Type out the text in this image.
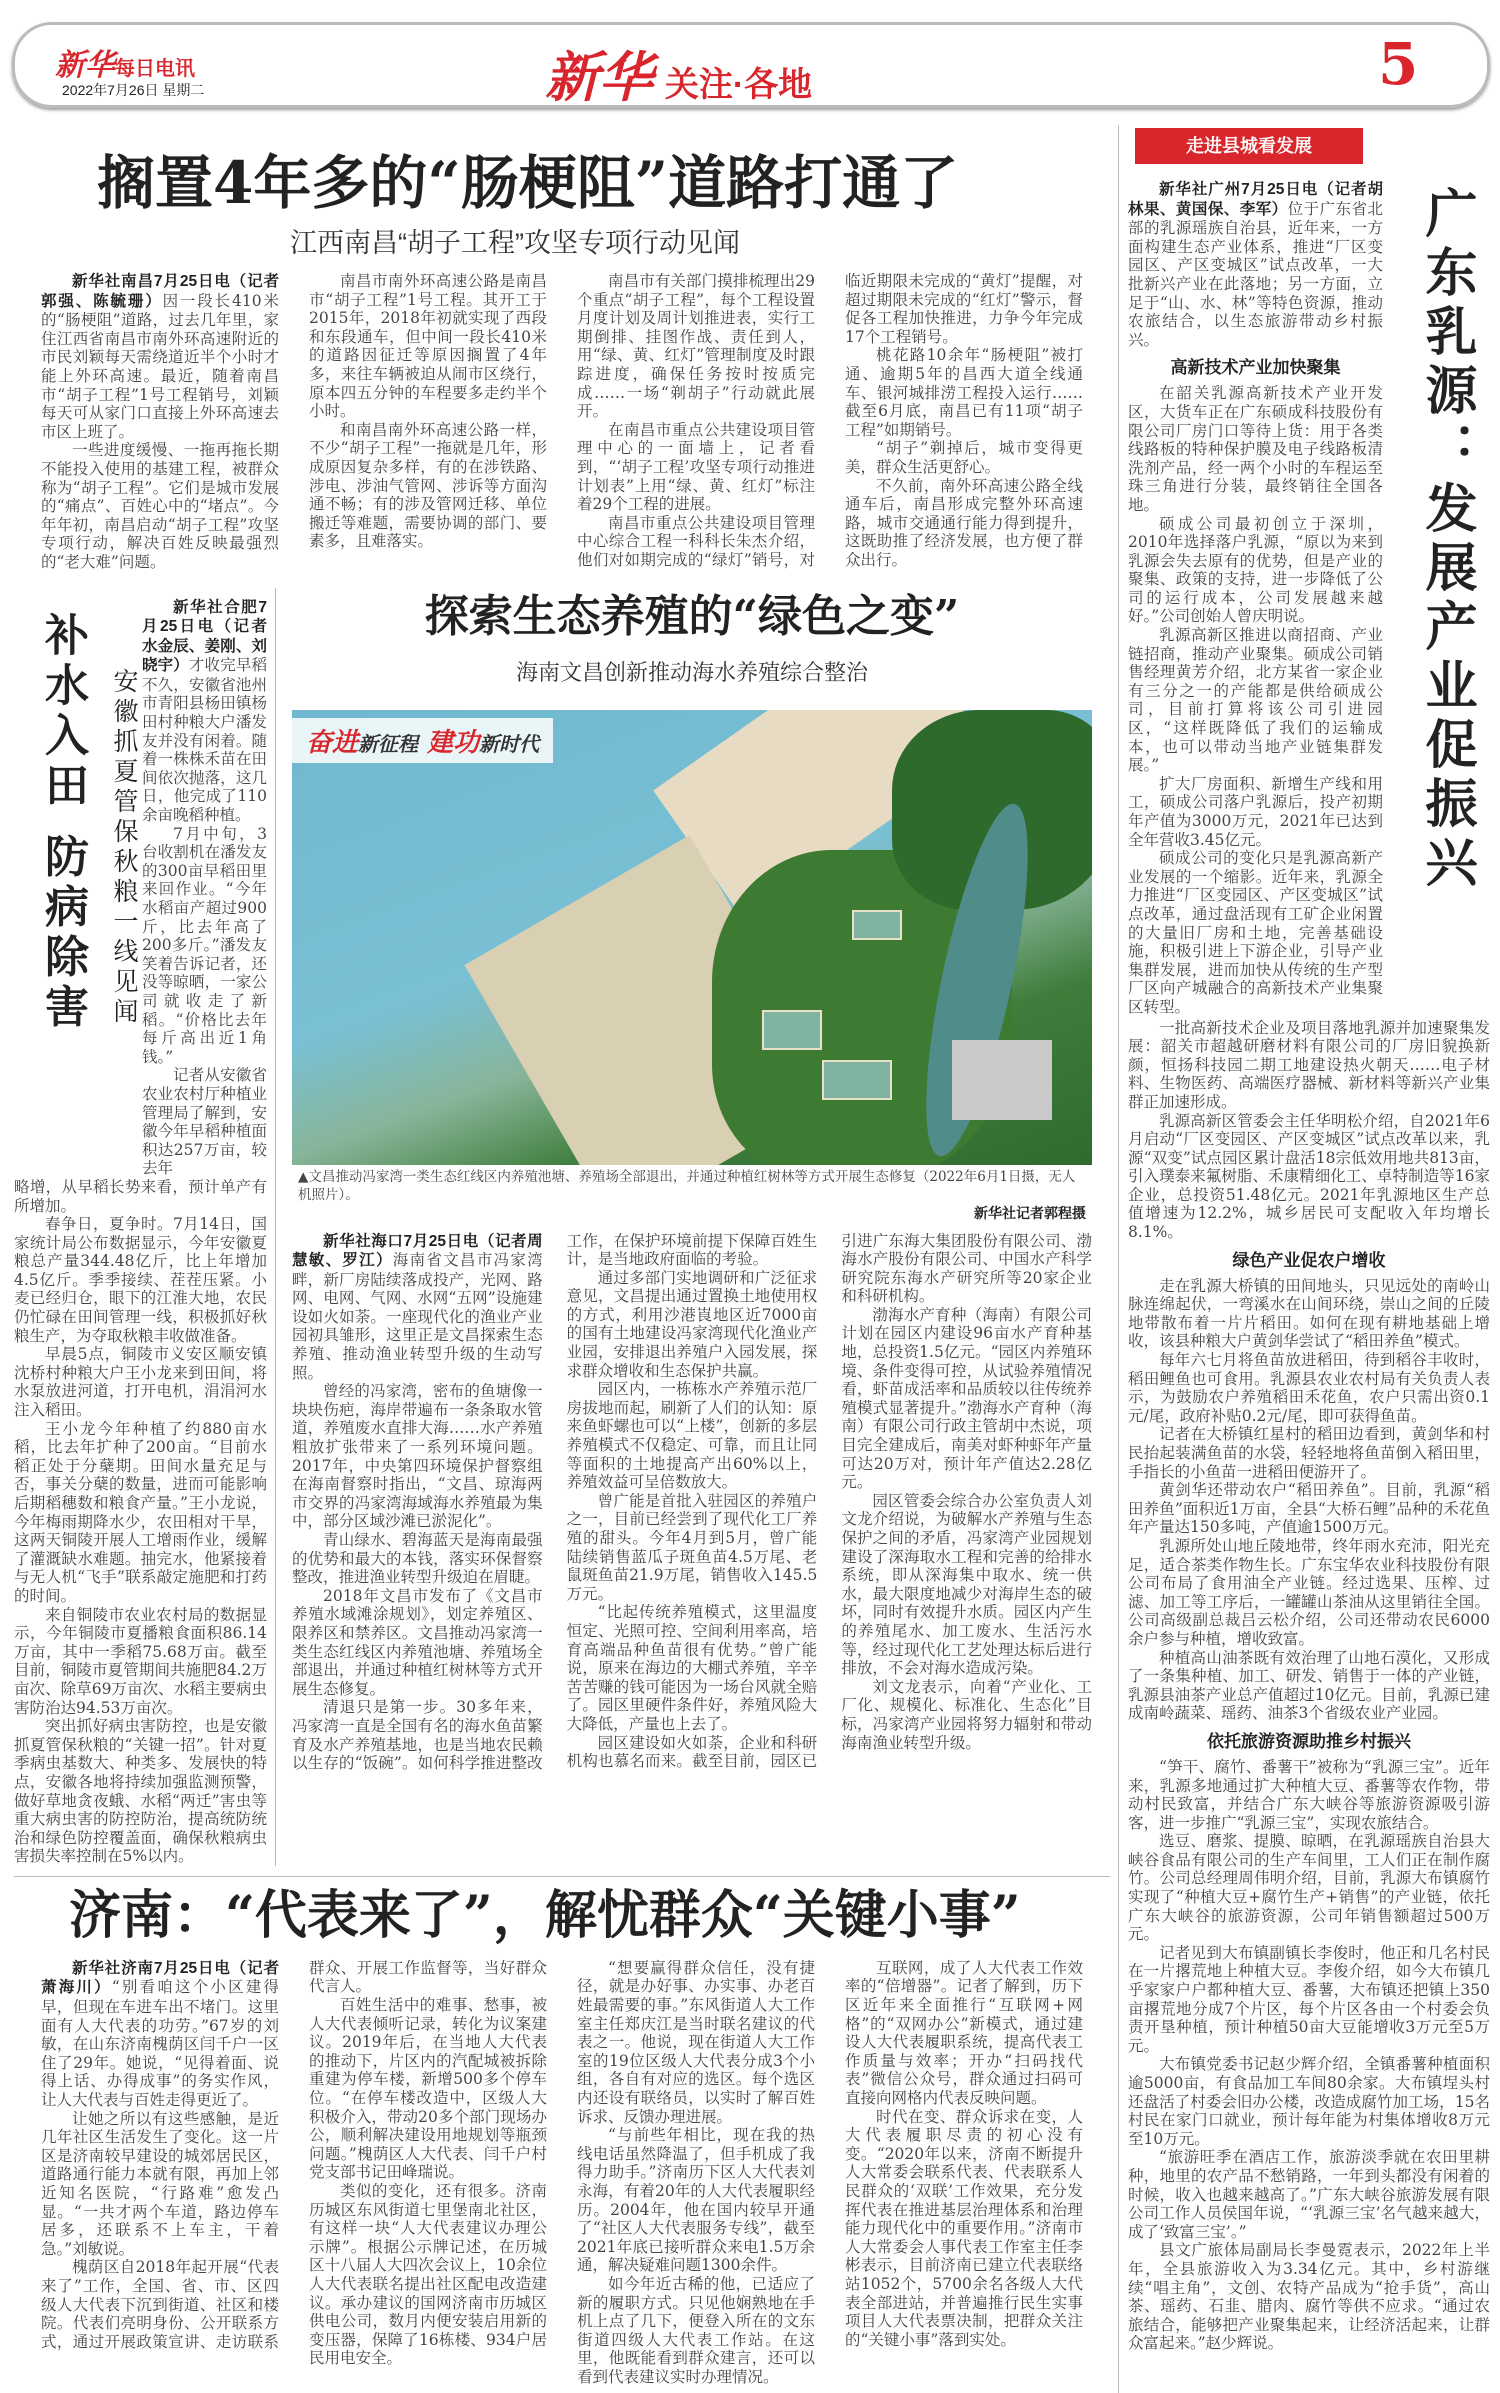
新华每日电讯
2022年7月26日 星期二	新华 关注·各地	5
搁置4年多的“肠梗阻”道路打通了
江西南昌“胡子工程”攻坚专项行动见闻

新华社南昌7月25日电（记者郭强、陈毓珊）因一段长410米的“肠梗阻”道路，过去几年里，家住江西省南昌市南外环高速附近的市民刘颖每天需绕道近半个小时才能上外环高速。最近，随着南昌市“胡子工程”1号工程销号，刘颖每天可从家门口直接上外环高速去市区上班了。

一些进度缓慢、一拖再拖长期不能投入使用的基建工程，被群众称为“胡子工程”。它们是城市发展的“痛点”、百姓心中的“堵点”。今年年初，南昌启动“胡子工程”攻坚专项行动，解决百姓反映最强烈的“老大难”问题。

南昌市南外环高速公路是南昌市“胡子工程”1号工程。其开工于2015年，2018年初就实现了西段和东段通车，但中间一段长410米的道路因征迁等原因搁置了4年多，来往车辆被迫从闹市区绕行，原本四五分钟的车程要多走约半个小时。

和南昌南外环高速公路一样，不少“胡子工程”一拖就是几年，形成原因复杂多样，有的在涉铁路、涉电、涉油气管网、涉诉等方面沟通不畅；有的涉及管网迁移、单位搬迁等难题，需要协调的部门、要素多，且难落实。

南昌市有关部门摸排梳理出29个重点“胡子工程”，每个工程设置月度计划及周计划推进表，实行工期倒排、挂图作战、责任到人，用“绿、黄、红灯”管理制度及时跟踪进度，确保任务按时按质完成……一场“剃胡子”行动就此展开。

在南昌市重点公共建设项目管理中心的一面墙上，记者看到，“‘胡子工程’攻坚专项行动推进计划表”上用“绿、黄、红灯”标注着29个工程的进展。

南昌市重点公共建设项目管理中心综合工程一科科长朱杰介绍，他们对如期完成的“绿灯”销号，对临近期限未完成的“黄灯”提醒，对超过期限未完成的“红灯”警示，督促各工程加快推进，力争今年完成17个工程销号。

桃花路10余年“肠梗阻”被打通、逾期5年的昌西大道全线通车、银河城排涝工程投入运行……截至6月底，南昌已有11项“胡子工程”如期销号。

“胡子”剃掉后，城市变得更美，群众生活更舒心。

不久前，南外环高速公路全线通车后，南昌形成完整外环高速路，城市交通通行能力得到提升，这既助推了经济发展，也方便了群众出行。

补水入田 防病除害 安徽抓夏管保秋粮一线见闻

新华社合肥7月25日电（记者水金辰、姜刚、刘晓宇）才收完早稻不久，安徽省池州市青阳县杨田镇杨田村种粮大户潘发友并没有闲着。随着一株株禾苗在田间依次抛落，这几日，他完成了110余亩晚稻种植。

7月中旬，3台收割机在潘发友的300亩早稻田里来回作业。“今年水稻亩产超过900斤，比去年高了200多斤。”潘发友笑着告诉记者，还没等晾晒，一家公司就收走了新稻。“价格比去年每斤高出近1角钱。”

记者从安徽省农业农村厅种植业管理局了解到，安徽今年早稻种植面积达257万亩，较去年

略增，从早稻长势来看，预计单产有所增加。

春争日，夏争时。7月14日，国家统计局公布数据显示，今年安徽夏粮总产量344.48亿斤，比上年增加4.5亿斤。季季接续、茬茬压紧。小麦已经归仓，眼下的江淮大地，农民仍忙碌在田间管理一线，积极抓好秋粮生产，为夺取秋粮丰收做准备。

早晨5点，铜陵市义安区顺安镇沈桥村种粮大户王小龙来到田间，将水泵放进河道，打开电机，涓涓河水注入稻田。

王小龙今年种植了约880亩水稻，比去年扩种了200亩。“目前水稻正处于分蘖期。田间水量充足与否，事关分蘖的数量，进而可能影响后期稻穗数和粮食产量。”王小龙说，今年梅雨期降水少，农田相对干旱，这两天铜陵开展人工增雨作业，缓解了灌溉缺水难题。抽完水，他紧接着与无人机“飞手”联系敲定施肥和打药的时间。

来自铜陵市农业农村局的数据显示，今年铜陵市夏播粮食面积86.14万亩，其中一季稻75.68万亩。截至目前，铜陵市夏管期间共施肥84.2万亩次、除草69万亩次、水稻主要病虫害防治达94.53万亩次。

突出抓好病虫害防控，也是安徽抓夏管保秋粮的“关键一招”。针对夏季病虫基数大、种类多、发展快的特点，安徽各地将持续加强监测预警，做好草地贪夜蛾、水稻“两迁”害虫等重大病虫害的防控防治，提高统防统治和绿色防控覆盖面，确保秋粮病虫害损失率控制在5%以内。

探索生态养殖的“绿色之变”
海南文昌创新推动海水养殖综合整治
奋进新征程 建功新时代
▲文昌推动冯家湾一类生态红线区内养殖池塘、养殖场全部退出，并通过种植红树林等方式开展生态修复（2022年6月1日摄，无人机照片）。
新华社记者郭程摄

新华社海口7月25日电（记者周慧敏、罗江）海南省文昌市冯家湾畔，新厂房陆续落成投产，光网、路网、电网、气网、水网“五网”设施建设如火如荼。一座现代化的渔业产业园初具雏形，这里正是文昌探索生态养殖、推动渔业转型升级的生动写照。

曾经的冯家湾，密布的鱼塘像一块块伤疤，海岸带遍布一条条取水管道，养殖废水直排大海……水产养殖粗放扩张带来了一系列环境问题。2017年，中央第四环境保护督察组在海南督察时指出，“文昌、琼海两市交界的冯家湾海域海水养殖最为集中，部分区域沙滩已淤泥化”。

青山绿水、碧海蓝天是海南最强的优势和最大的本钱，落实环保督察整改，推进渔业转型升级迫在眉睫。

2018年文昌市发布了《文昌市养殖水域滩涂规划》，划定养殖区、限养区和禁养区。文昌推动冯家湾一类生态红线区内养殖池塘、养殖场全部退出，并通过种植红树林等方式开展生态修复。

清退只是第一步。30多年来，冯家湾一直是全国有名的海水鱼苗繁育及水产养殖基地，也是当地农民赖以生存的“饭碗”。如何科学推进整改工作，在保护环境前提下保障百姓生计，是当地政府面临的考验。

通过多部门实地调研和广泛征求意见，文昌提出通过置换土地使用权的方式，利用沙港崀地区近7000亩的国有土地建设冯家湾现代化渔业产业园，安排退出养殖户入园发展，探求群众增收和生态保护共赢。

园区内，一栋栋水产养殖示范厂房拔地而起，刷新了人们的认知：原来鱼虾螺也可以“上楼”，创新的多层养殖模式不仅稳定、可靠，而且让同等面积的土地提高产出60%以上，养殖效益可呈倍数放大。

曾广能是首批入驻园区的养殖户之一，目前已经尝到了现代化工厂养殖的甜头。今年4月到5月，曾广能陆续销售蓝瓜子斑鱼苗4.5万尾、老鼠斑鱼苗21.9万尾，销售收入145.5万元。

“比起传统养殖模式，这里温度恒定、光照可控、空间利用率高，培育高端品种鱼苗很有优势。”曾广能说，原来在海边的大棚式养殖，辛辛苦苦赚的钱可能因为一场台风就全赔了。园区里硬件条件好，养殖风险大大降低，产量也上去了。

园区建设如火如荼，企业和科研机构也慕名而来。截至目前，园区已引进广东海大集团股份有限公司、渤海水产股份有限公司、中国水产科学研究院东海水产研究所等20家企业和科研机构。

渤海水产育种（海南）有限公司计划在园区内建设96亩水产育种基地，总投资1.5亿元。“园区内养殖环境、条件变得可控，从试验养殖情况看，虾苗成活率和品质较以往传统养殖模式显著提升。”渤海水产育种（海南）有限公司行政主管胡中杰说，项目完全建成后，南美对虾种虾年产量可达20万对，预计年产值达2.28亿元。

园区管委会综合办公室负责人刘文龙介绍说，为破解水产养殖与生态保护之间的矛盾，冯家湾产业园规划建设了深海取水工程和完善的给排水系统，即从深海集中取水、统一供水，最大限度地减少对海岸生态的破坏，同时有效提升水质。园区内产生的养殖尾水、加工废水、生活污水等，经过现代化工艺处理达标后进行排放，不会对海水造成污染。

刘文龙表示，向着“产业化、工厂化、规模化、标准化、生态化”目标，冯家湾产业园将努力辐射和带动海南渔业转型升级。

济南：“代表来了”，解忧群众“关键小事”

新华社济南7月25日电（记者萧海川）“别看咱这个小区建得早，但现在车进车出不堵门。这里面有人大代表的功劳。”67岁的刘敏，在山东济南槐荫区闫千户一区住了29年。她说，“见得着面、说得上话、办得成事”的务实作风，让人大代表与百姓走得更近了。

让她之所以有这些感触，是近几年社区生活发生了变化。这一片区是济南较早建设的城郊居民区，道路通行能力本就有限，再加上邻近知名医院，“行路难”愈发凸显。“一共才两个车道，路边停车居多，还联系不上车主，干着急。”刘敏说。

槐荫区自2018年起开展“代表来了”工作，全国、省、市、区四级人大代表下沉到街道、社区和楼院。代表们亮明身份、公开联系方式，通过开展政策宣讲、走访联系群众、开展工作监督等，当好群众代言人。

百姓生活中的难事、愁事，被人大代表倾听记录，转化为议案建议。2019年后，在当地人大代表的推动下，片区内的汽配城被拆除重建为停车楼，新增500多个停车位。“在停车楼改造中，区级人大积极介入，带动20多个部门现场办公，顺利解决建设用地规划等瓶颈问题。”槐荫区人大代表、闫千户村党支部书记田峰瑞说。

类似的变化，还有很多。济南历城区东风街道七里堡南北社区，有这样一块“人大代表建议办理公示牌”。根据公示牌记述，在历城区十八届人大四次会议上，10余位人大代表联名提出社区配电改造建议。承办建议的国网济南市历城区供电公司，数月内便安装启用新的变压器，保障了16栋楼、934户居民用电安全。

“想要赢得群众信任，没有捷径，就是办好事、办实事、办老百姓最需要的事。”东风街道人大工作室主任郑庆江是当时联名建议的代表之一。他说，现在街道人大工作室的19位区级人大代表分成3个小组，各自有对应的选区。每个选区内还设有联络员，以实时了解百姓诉求、反馈办理进展。

“与前些年相比，现在我的热线电话虽然降温了，但手机成了我得力助手。”济南历下区人大代表刘永海，有着20年的人大代表履职经历。2004年，他在国内较早开通了“社区人大代表服务专线”，截至2021年底已接听群众来电1.5万余通，解决疑难问题1300余件。

如今年近古稀的他，已适应了新的履职方式。只见他娴熟地在手机上点了几下，便登入所在的文东街道四级人大代表工作站。在这里，他既能看到群众建言，还可以看到代表建议实时办理情况。

互联网，成了人大代表工作效率的“倍增器”。记者了解到，历下区近年来全面推行“互联网+网格”的“双网办公”新模式，通过建设人大代表履职系统，提高代表工作质量与效率；开办“扫码找代表”微信公众号，群众通过扫码可直接向网格内代表反映问题。

时代在变、群众诉求在变，人大代表履职尽责的初心没有变。“2020年以来，济南不断提升人大常委会联系代表、代表联系人民群众的‘双联’工作效果，充分发挥代表在推进基层治理体系和治理能力现代化中的重要作用。”济南市人大常委会人事代表工作室主任李彬表示，目前济南已建立代表联络站1052个，5700余名各级人大代表全部进站，并普遍推行民生实事项目人大代表票决制，把群众关注的“关键小事”落到实处。

走进县城看发展

新华社广州7月25日电（记者胡林果、黄国保、李军）位于广东省北部的乳源瑶族自治县，近年来，一方面构建生态产业体系，推进“厂区变园区、产区变城区”试点改革，一大批新兴产业在此落地；另一方面，立足于“山、水、林”等特色资源，推动农旅结合，以生态旅游带动乡村振兴。

高新技术产业加快聚集

在韶关乳源高新技术产业开发区，大货车正在广东硕成科技股份有限公司厂房门口等待上货：用于各类线路板的特种保护膜及电子线路板清洗剂产品，经一两个小时的车程运至珠三角进行分装，最终销往全国各地。

硕成公司最初创立于深圳，2010年选择落户乳源，“原以为来到乳源会失去原有的优势，但是产业的聚集、政策的支持，进一步降低了公司的运行成本，公司发展越来越好。”公司创始人曾庆明说。

乳源高新区推进以商招商、产业链招商，推动产业聚集。硕成公司销售经理黄芳介绍，北方某省一家企业有三分之一的产能都是供给硕成公司，目前打算将该公司引进园区，“这样既降低了我们的运输成本，也可以带动当地产业链集群发展。”

扩大厂房面积、新增生产线和用工，硕成公司落户乳源后，投产初期年产值为3000万元，2021年已达到全年营收3.45亿元。

硕成公司的变化只是乳源高新产业发展的一个缩影。近年来，乳源全力推进“厂区变园区、产区变城区”试点改革，通过盘活现有工矿企业闲置的大量旧厂房和土地，完善基础设施，积极引进上下游企业，引导产业集群发展，进而加快从传统的生产型厂区向产城融合的高新技术产业集聚区转型。

广东乳源：发展产业促振兴

一批高新技术企业及项目落地乳源并加速聚集发展：韶关市超越研磨材料有限公司的厂房旧貌换新颜，恒扬科技园二期工地建设热火朝天……电子材料、生物医药、高端医疗器械、新材料等新兴产业集群正加速形成。

乳源高新区管委会主任华明松介绍，自2021年6月启动“厂区变园区、产区变城区”试点改革以来，乳源“双变”试点园区累计盘活18宗低效用地共813亩，引入璞泰来氟树脂、禾康精细化工、卓特制造等16家企业，总投资51.48亿元。2021年乳源地区生产总值增速为12.2%，城乡居民可支配收入年均增长8.1%。

绿色产业促农户增收

走在乳源大桥镇的田间地头，只见远处的南岭山脉连绵起伏，一弯溪水在山间环绕，崇山之间的丘陵地带散布着一片片稻田。如何在现有耕地基础上增收，该县种粮大户黄剑华尝试了“稻田养鱼”模式。

每年六七月将鱼苗放进稻田，待到稻谷丰收时，稻田鲤鱼也可食用。乳源县农业农村局有关负责人表示，为鼓励农户养殖稻田禾花鱼，农户只需出资0.1元/尾，政府补贴0.2元/尾，即可获得鱼苗。

记者在大桥镇红星村的稻田边看到，黄剑华和村民抬起装满鱼苗的水袋，轻轻地将鱼苗倒入稻田里，手指长的小鱼苗一进稻田便游开了。

黄剑华还带动农户“稻田养鱼”。目前，乳源“稻田养鱼”面积近1万亩，全县“大桥石鲤”品种的禾花鱼年产量达150多吨，产值逾1500万元。

乳源所处山地丘陵地带，终年雨水充沛，阳光充足，适合茶类作物生长。广东宝华农业科技股份有限公司布局了食用油全产业链。经过选果、压榨、过滤、加工等工序后，一罐罐山茶油从这里销往全国。公司高级副总裁吕云松介绍，公司还带动农民6000余户参与种植，增收致富。

种植高山油茶既有效治理了山地石漠化，又形成了一条集种植、加工、研发、销售于一体的产业链，乳源县油茶产业总产值超过10亿元。目前，乳源已建成南岭蔬菜、瑶药、油茶3个省级农业产业园。

依托旅游资源助推乡村振兴

“笋干、腐竹、番薯干”被称为“乳源三宝”。近年来，乳源多地通过扩大种植大豆、番薯等农作物，带动村民致富，并结合广东大峡谷等旅游资源吸引游客，进一步推广“乳源三宝”，实现农旅结合。

选豆、磨浆、提膜、晾晒，在乳源瑶族自治县大峡谷食品有限公司的生产车间里，工人们正在制作腐竹。公司总经理周伟明介绍，目前，乳源大布镇腐竹实现了“种植大豆+腐竹生产+销售”的产业链，依托广东大峡谷的旅游资源，公司年销售额超过500万元。

记者见到大布镇副镇长李俊时，他正和几名村民在一片撂荒地上种植大豆。李俊介绍，如今大布镇几乎家家户户都种植大豆、番薯，大布镇还把镇上350亩撂荒地分成7个片区，每个片区各由一个村委会负责开垦种植，预计种植50亩大豆能增收3万元至5万元。

大布镇党委书记赵少辉介绍，全镇番薯种植面积逾5000亩，有食品加工车间80余家。大布镇埕头村还盘活了村委会旧办公楼，改造成腐竹加工场，15名村民在家门口就业，预计每年能为村集体增收8万元至10万元。

“旅游旺季在酒店工作，旅游淡季就在农田里耕种，地里的农产品不愁销路，一年到头都没有闲着的时候，收入也越来越高了。”广东大峡谷旅游发展有限公司工作人员侯国年说，“‘乳源三宝’名气越来越大，成了‘致富三宝’。”

县文广旅体局副局长李曼霓表示，2022年上半年，全县旅游收入为3.34亿元。其中，乡村游继续“唱主角”，文创、农特产品成为“抢手货”，高山茶、瑶药、石韭、腊肉、腐竹等供不应求。“通过农旅结合，能够把产业聚集起来，让经济活起来，让群众富起来。”赵少辉说。
